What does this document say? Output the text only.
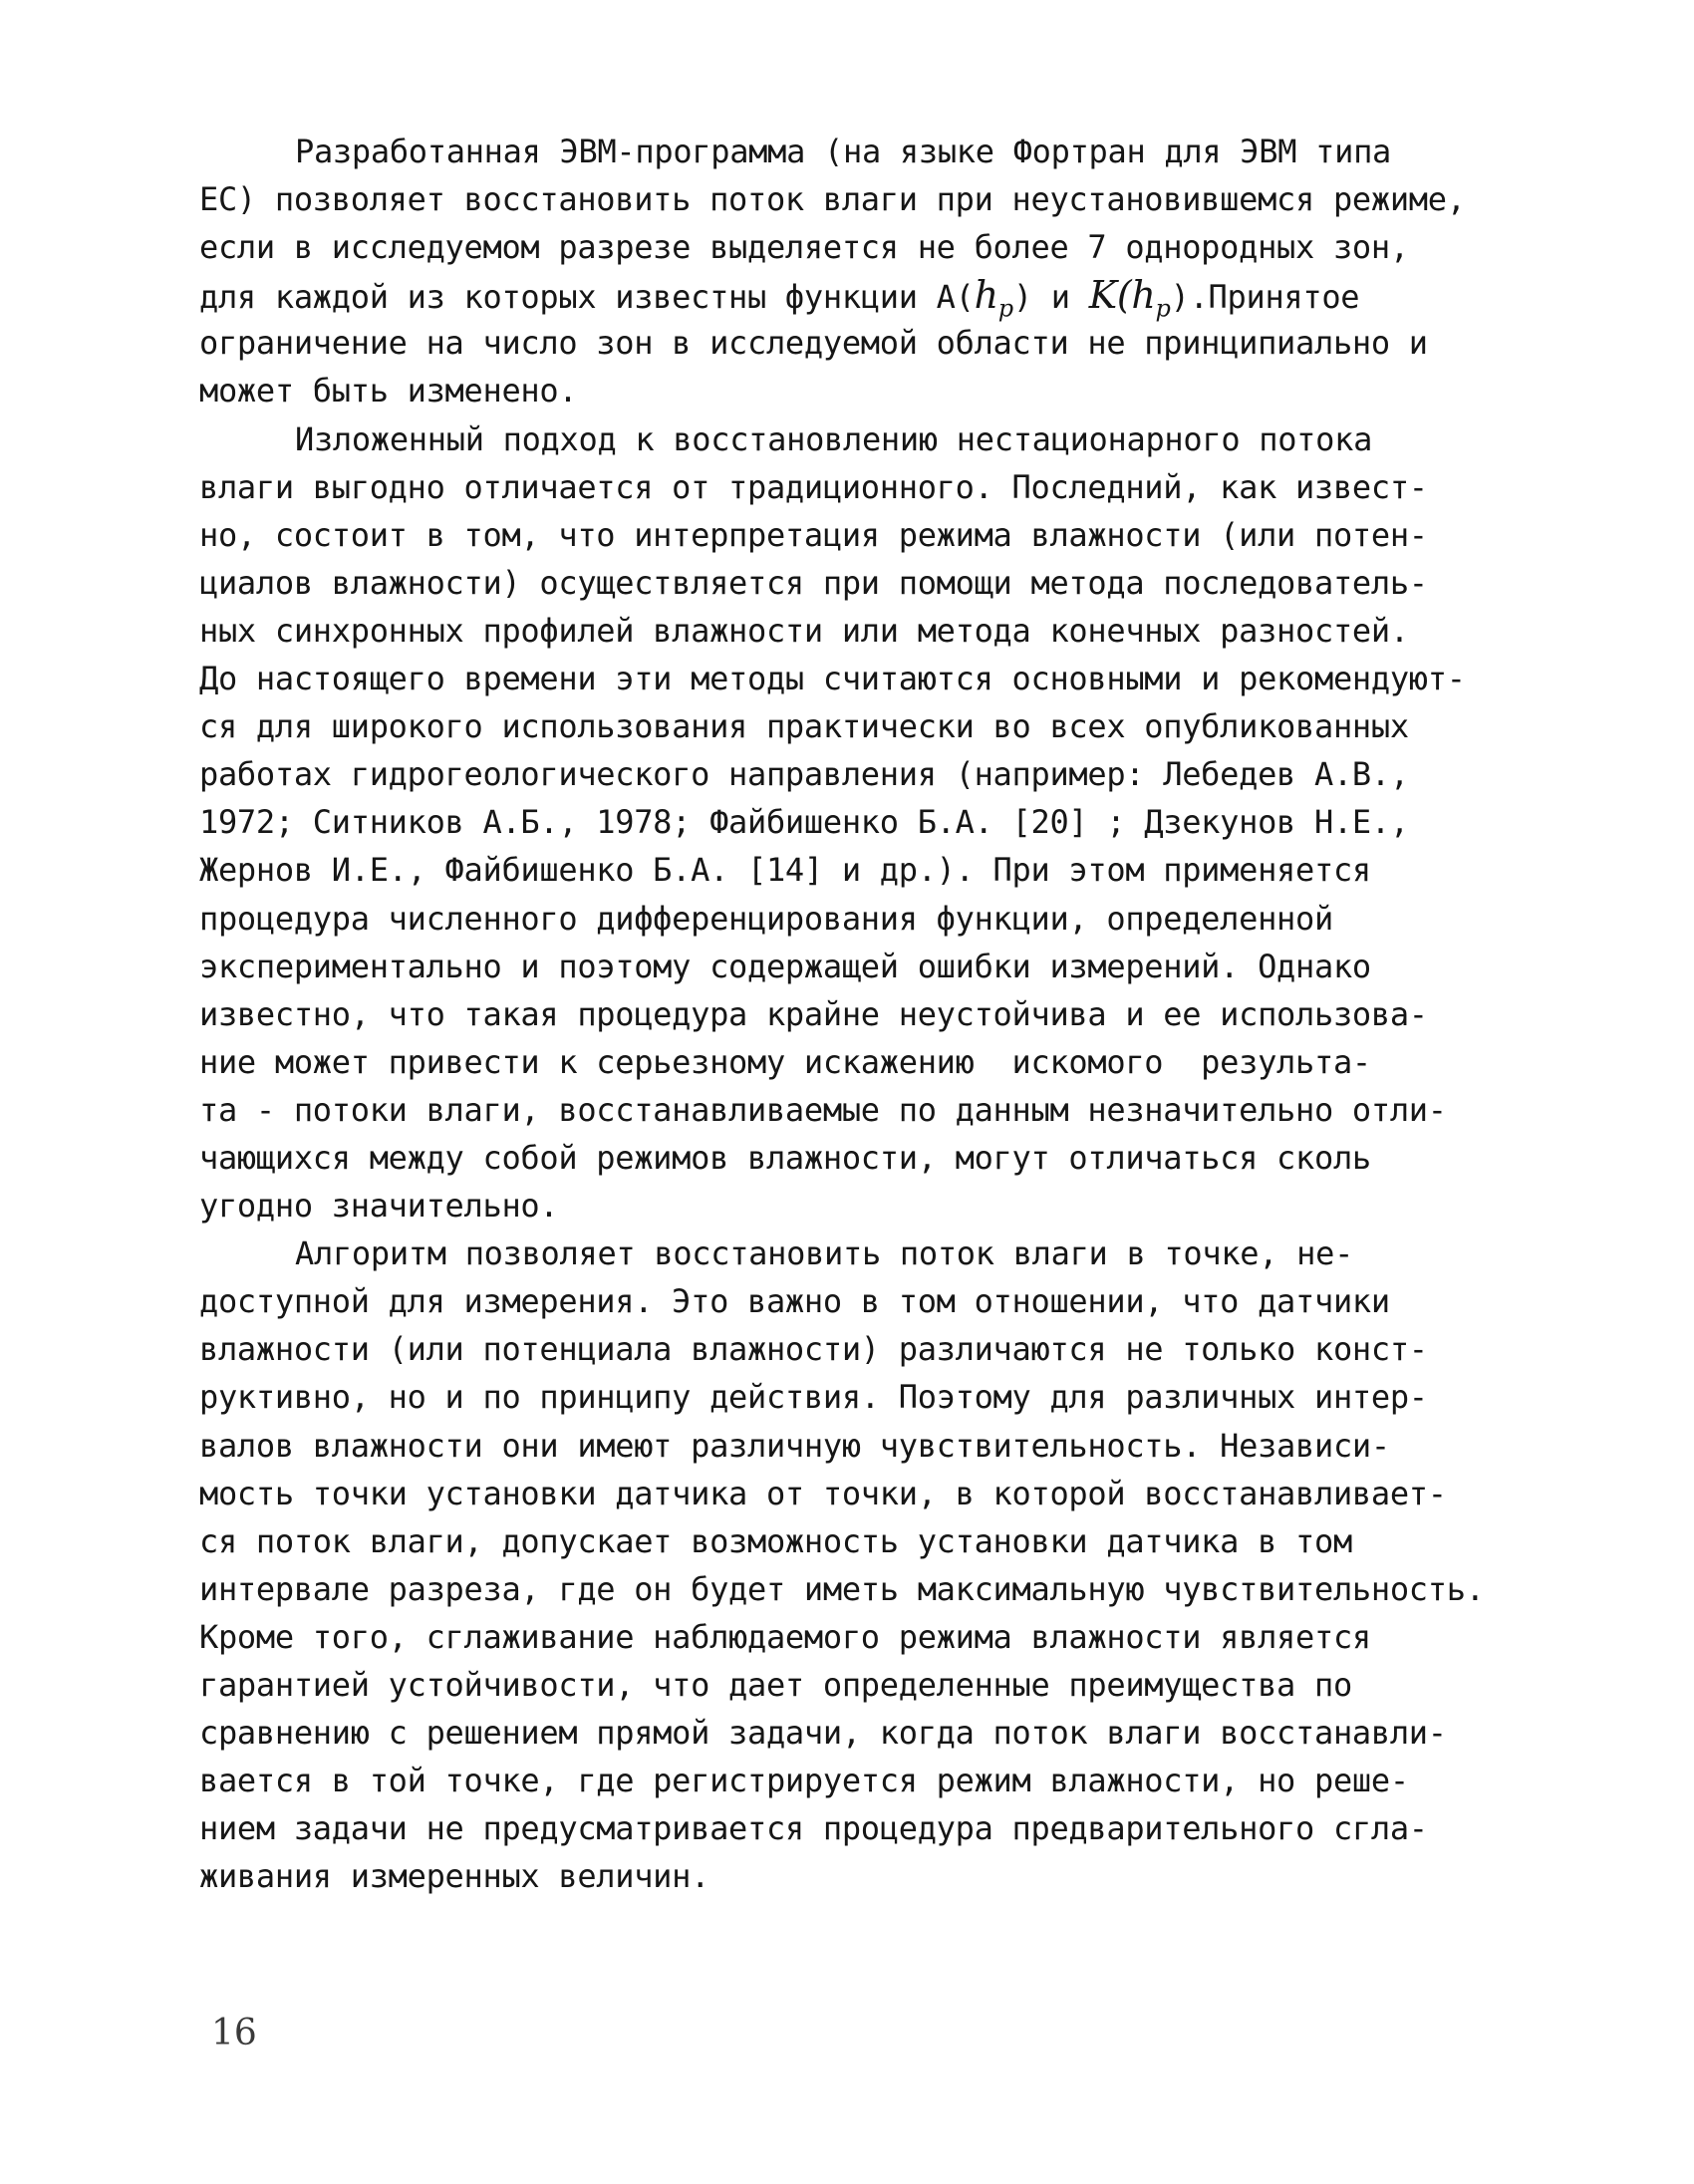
Разработанная ЭВМ-программа (на языке Фортран для ЭВМ типа
ЕС) позволяет восстановить поток влаги при неустановившемся режиме,
если в исследуемом разрезе выделяется не более 7 однородных зон,
для каждой из которых известны функции $A(h_p)$ и $K(h_p).Принятое$
ограничение на число зон в исследуемой области не принципиально и
может быть изменено.
Изложенный подход к восстановлению нестационарного потока
влаги выгодно отличается от традиционного. Последний, как извест-
но, состоит в том, что интерпретация режима влажности (или потен-
циалов влажности) осуществляется при помощи метода последователь-
ных синхронных профилей влажности или метода конечных разностей.
До настоящего времени эти методы считаются основными и рекомендуют-
ся для широкого использования практически во всех опубликованных
работах гидрогеологического направления (например: Лебедев А.В.,
1972; Ситников А.Б., 1978; Файбишенко Б.А. [20] ; Дзекунов Н.Е.,
Жернов И.Е., Файбишенко Б.А. [14] и др.). При этом применяется
процедура численного дифференцирования функции, определенной
экспериментально и поэтому содержащей ошибки измерений. Однако
известно, что такая процедура крайне неустойчива и ее использова-
ние может привести к серьезному искажению  искомого  результа-
та - потоки влаги, восстанавливаемые по данным незначительно отли-
чающихся между собой режимов влажности, могут отличаться сколь
угодно значительно.
Алгоритм позволяет восстановить поток влаги в точке, не-
доступной для измерения. Это важно в том отношении, что датчики
влажности (или потенциала влажности) различаются не только конст-
руктивно, но и по принципу действия. Поэтому для различных интер-
валов влажности они имеют различную чувствительность. Независи-
мость точки установки датчика от точки, в которой восстанавливает-
ся поток влаги, допускает возможность установки датчика в том
интервале разреза, где он будет иметь максимальную чувствительность.
Кроме того, сглаживание наблюдаемого режима влажности является
гарантией устойчивости, что дает определенные преимущества по
сравнению с решением прямой задачи, когда поток влаги восстанавли-
вается в той точке, где регистрируется режим влажности, но реше-
нием задачи не предусматривается процедура предварительного сгла-
живания измеренных величин.
16
